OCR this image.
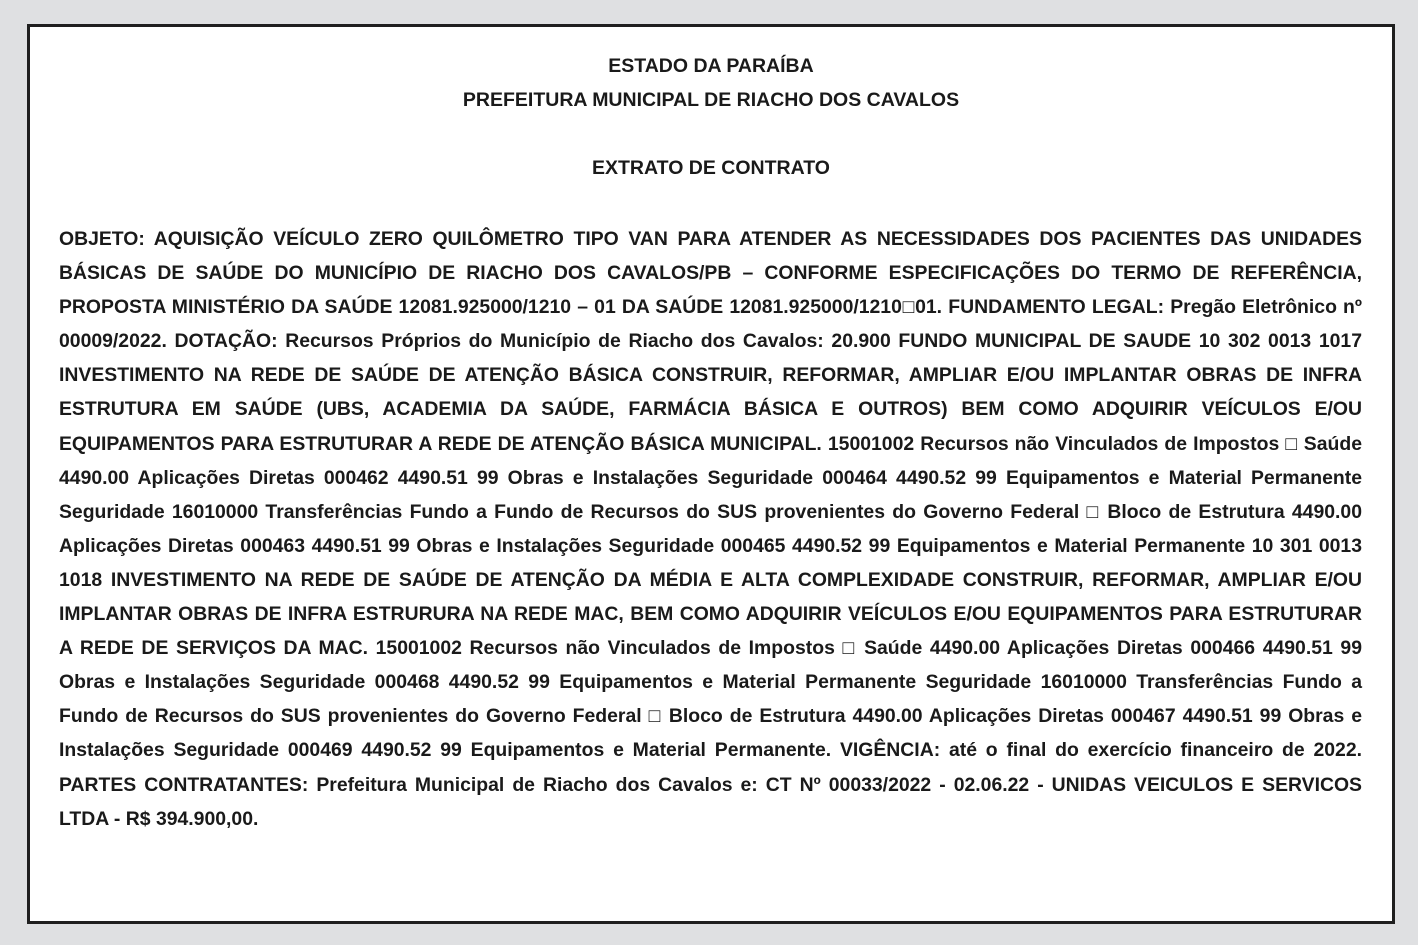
ESTADO DA PARAÍBA
PREFEITURA MUNICIPAL DE RIACHO DOS CAVALOS
EXTRATO DE CONTRATO

OBJETO: AQUISIÇÃO VEÍCULO ZERO QUILÔMETRO TIPO VAN PARA ATENDER AS NECESSIDADES DOS PACIENTES DAS UNIDADES BÁSICAS DE SAÚDE DO MUNICÍPIO DE RIACHO DOS CAVALOS/PB – CONFORME ESPECIFICAÇÕES DO TERMO DE REFERÊNCIA, PROPOSTA MINISTÉRIO DA SAÚDE 12081.925000/1210 – 01 DA SAÚDE 12081.925000/1210□01. FUNDAMENTO LEGAL: Pregão Eletrônico nº 00009/2022. DOTAÇÃO: Recursos Próprios do Município de Riacho dos Cavalos: 20.900 FUNDO MUNICIPAL DE SAUDE 10 302 0013 1017 INVESTIMENTO NA REDE DE SAÚDE DE ATENÇÃO BÁSICA CONSTRUIR, REFORMAR, AMPLIAR E/OU IMPLANTAR OBRAS DE INFRA ESTRUTURA EM SAÚDE (UBS, ACADEMIA DA SAÚDE, FARMÁCIA BÁSICA E OUTROS) BEM COMO ADQUIRIR VEÍCULOS E/OU EQUIPAMENTOS PARA ESTRUTURAR A REDE DE ATENÇÃO BÁSICA MUNICIPAL. 15001002 Recursos não Vinculados de Impostos □ Saúde 4490.00 Aplicações Diretas 000462 4490.51 99 Obras e Instalações Seguridade 000464 4490.52 99 Equipamentos e Material Permanente Seguridade 16010000 Transferências Fundo a Fundo de Recursos do SUS provenientes do Governo Federal □ Bloco de Estrutura 4490.00 Aplicações Diretas 000463 4490.51 99 Obras e Instalações Seguridade 000465 4490.52 99 Equipamentos e Material Permanente 10 301 0013 1018 INVESTIMENTO NA REDE DE SAÚDE DE ATENÇÃO DA MÉDIA E ALTA COMPLEXIDADE CONSTRUIR, REFORMAR, AMPLIAR E/OU IMPLANTAR OBRAS DE INFRA ESTRURURA NA REDE MAC, BEM COMO ADQUIRIR VEÍCULOS E/OU EQUIPAMENTOS PARA ESTRUTURAR A REDE DE SERVIÇOS DA MAC. 15001002 Recursos não Vinculados de Impostos □ Saúde 4490.00 Aplicações Diretas 000466 4490.51 99 Obras e Instalações Seguridade 000468 4490.52 99 Equipamentos e Material Permanente Seguridade 16010000 Transferências Fundo a Fundo de Recursos do SUS provenientes do Governo Federal □ Bloco de Estrutura 4490.00 Aplicações Diretas 000467 4490.51 99 Obras e Instalações Seguridade 000469 4490.52 99 Equipamentos e Material Permanente. VIGÊNCIA: até o final do exercício financeiro de 2022. PARTES CONTRATANTES: Prefeitura Municipal de Riacho dos Cavalos e: CT Nº 00033/2022 - 02.06.22 - UNIDAS VEICULOS E SERVICOS LTDA - R$ 394.900,00.
